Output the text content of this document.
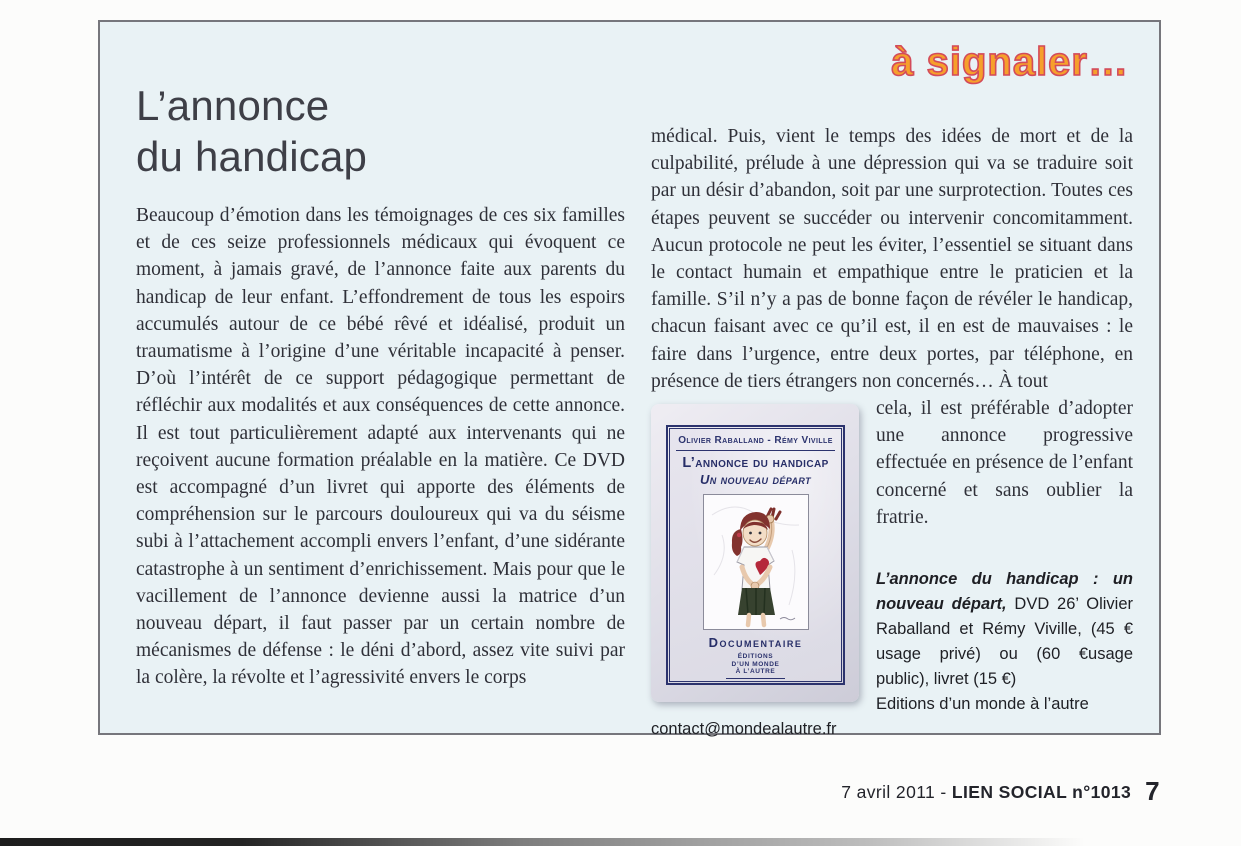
à signaler…
L’annonce
du handicap

Beaucoup d’émotion dans les témoignages de ces six familles et de ces seize professionnels médicaux qui évoquent ce moment, à jamais gravé, de l’annonce faite aux parents du handicap de leur enfant. L’effondrement de tous les espoirs accumulés autour de ce bébé rêvé et idéalisé, produit un traumatisme à l’origine d’une véritable incapacité à penser. D’où l’intérêt de ce support pédagogique permettant de réfléchir aux modalités et aux conséquences de cette annonce. Il est tout particulièrement adapté aux intervenants qui ne reçoivent aucune formation préalable en la matière. Ce DVD est accompagné d’un livret qui apporte des éléments de compréhension sur le parcours douloureux qui va du séisme subi à l’attachement accompli envers l’enfant, d’une sidérante catastrophe à un sentiment d’enrichissement. Mais pour que le vacillement de l’annonce devienne aussi la matrice d’un nouveau départ, il faut passer par un certain nombre de mécanismes de défense : le déni d’abord, assez vite suivi par la colère, la révolte et l’agressivité envers le corps

médical. Puis, vient le temps des idées de mort et de la culpabilité, prélude à une dépression qui va se traduire soit par un désir d’abandon, soit par une surprotection. Toutes ces étapes peuvent se succéder ou intervenir concomitamment. Aucun protocole ne peut les éviter, l’essentiel se situant dans le contact humain et empathique entre le praticien et la famille. S’il n’y a pas de bonne façon de révéler le handicap, chacun faisant avec ce qu’il est, il en est de mauvaises : le faire dans l’urgence, entre deux portes, par téléphone, en présence de tiers étrangers non concernés… À tout

Olivier Raballand - Rémy Viville
L’annonce du handicap
Un nouveau départ
Documentaire
ÉDITIONS
D’UN MONDE
À L’AUTRE

cela, il est préférable d’adopter une annonce progressive effectuée en présence de l’enfant concerné et sans oublier la fratrie.

L’annonce du handicap : un nouveau départ, DVD 26’ Olivier Raballand et Rémy Viville, (45 € usage privé) ou (60 €usage public), livret (15 €)

Editions d’un monde à l’autre

contact@mondealautre.fr

7 avril 2011 - LIEN SOCIAL n°1013 7
